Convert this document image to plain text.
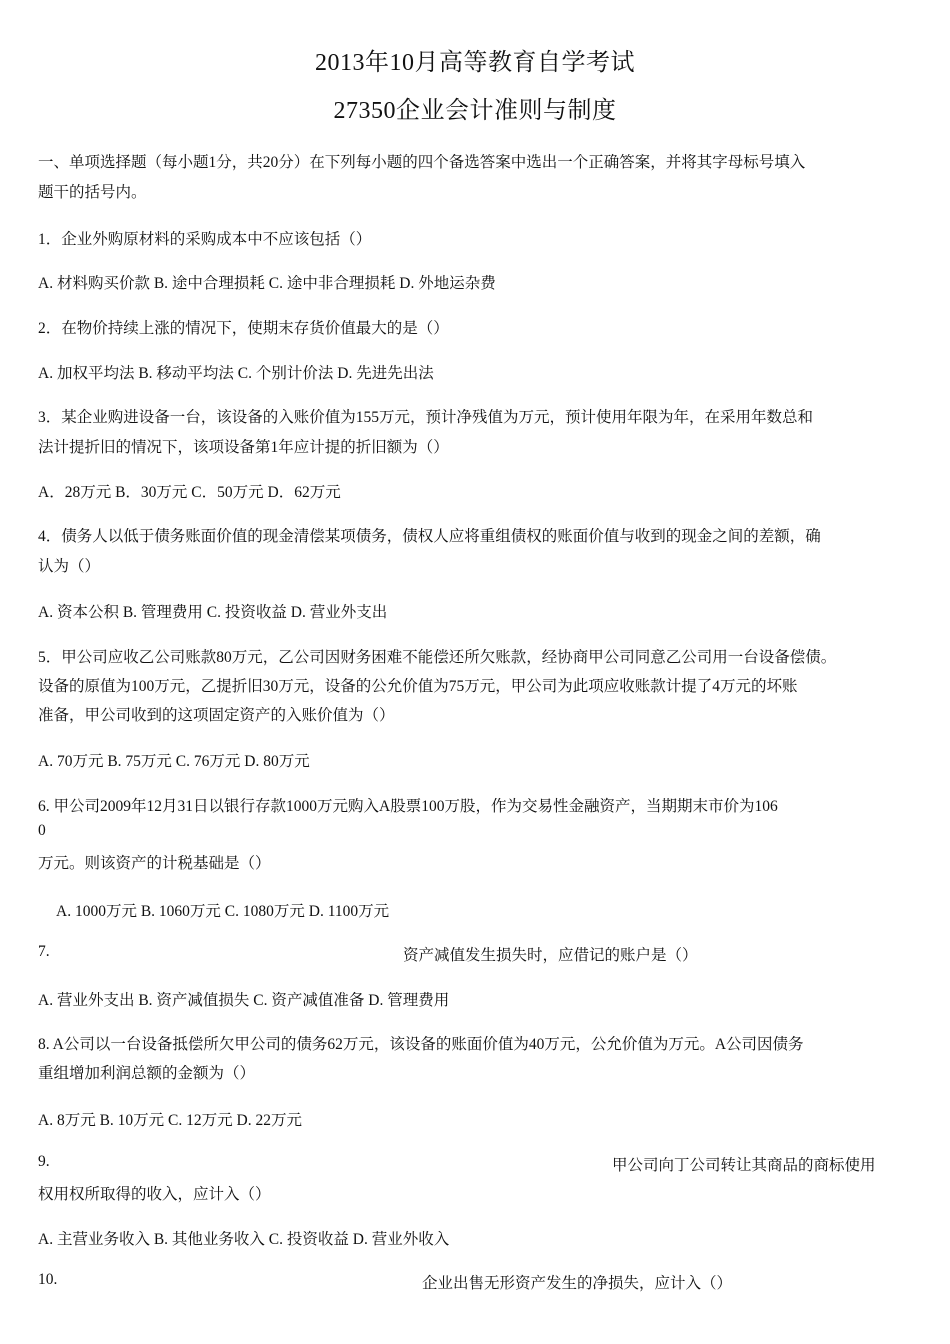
2013年10月高等教育自学考试
27350企业会计准则与制度
一、单项选择题（每小题1分，共20分）在下列每小题的四个备选答案中选出一个正确答案，并将其字母标号填入
题干的括号内。
1．企业外购原材料的采购成本中不应该包括（）
A. 材料购买价款 B. 途中合理损耗 C. 途中非合理损耗 D. 外地运杂费
2．在物价持续上涨的情况下，使期末存货价值最大的是（）
A. 加权平均法 B. 移动平均法 C. 个别计价法 D. 先进先出法
3．某企业购进设备一台，该设备的入账价值为155万元，预计净残值为万元，预计使用年限为年，在采用年数总和
法计提折旧的情况下，该项设备第1年应计提的折旧额为（）
A．28万元 B．30万元 C．50万元 D．62万元
4．债务人以低于债务账面价值的现金清偿某项债务，债权人应将重组债权的账面价值与收到的现金之间的差额，确
认为（）
A. 资本公积 B. 管理费用 C. 投资收益 D. 营业外支出
5．甲公司应收乙公司账款80万元，乙公司因财务困难不能偿还所欠账款，经协商甲公司同意乙公司用一台设备偿债。
设备的原值为100万元，乙提折旧30万元，设备的公允价值为75万元，甲公司为此项应收账款计提了4万元的坏账
准备，甲公司收到的这项固定资产的入账价值为（）
A. 70万元 B. 75万元 C. 76万元 D. 80万元
6. 甲公司2009年12月31日以银行存款1000万元购入A股票100万股，作为交易性金融资产，当期期末市价为106
0
万元。则该资产的计税基础是（）
A. 1000万元 B. 1060万元 C. 1080万元 D. 1100万元
7.	资产减值发生损失时，应借记的账户是（）
A. 营业外支出 B. 资产减值损失 C. 资产减值准备 D. 管理费用
8. A公司以一台设备抵偿所欠甲公司的债务62万元，该设备的账面价值为40万元，公允价值为万元。A公司因债务
重组增加利润总额的金额为（）
A. 8万元 B. 10万元 C. 12万元 D. 22万元
9.	甲公司向丁公司转让其商品的商标使用
权用权所取得的收入，应计入（）
A. 主营业务收入 B. 其他业务收入 C. 投资收益 D. 营业外收入
10.	企业出售无形资产发生的净损失，应计入（）
